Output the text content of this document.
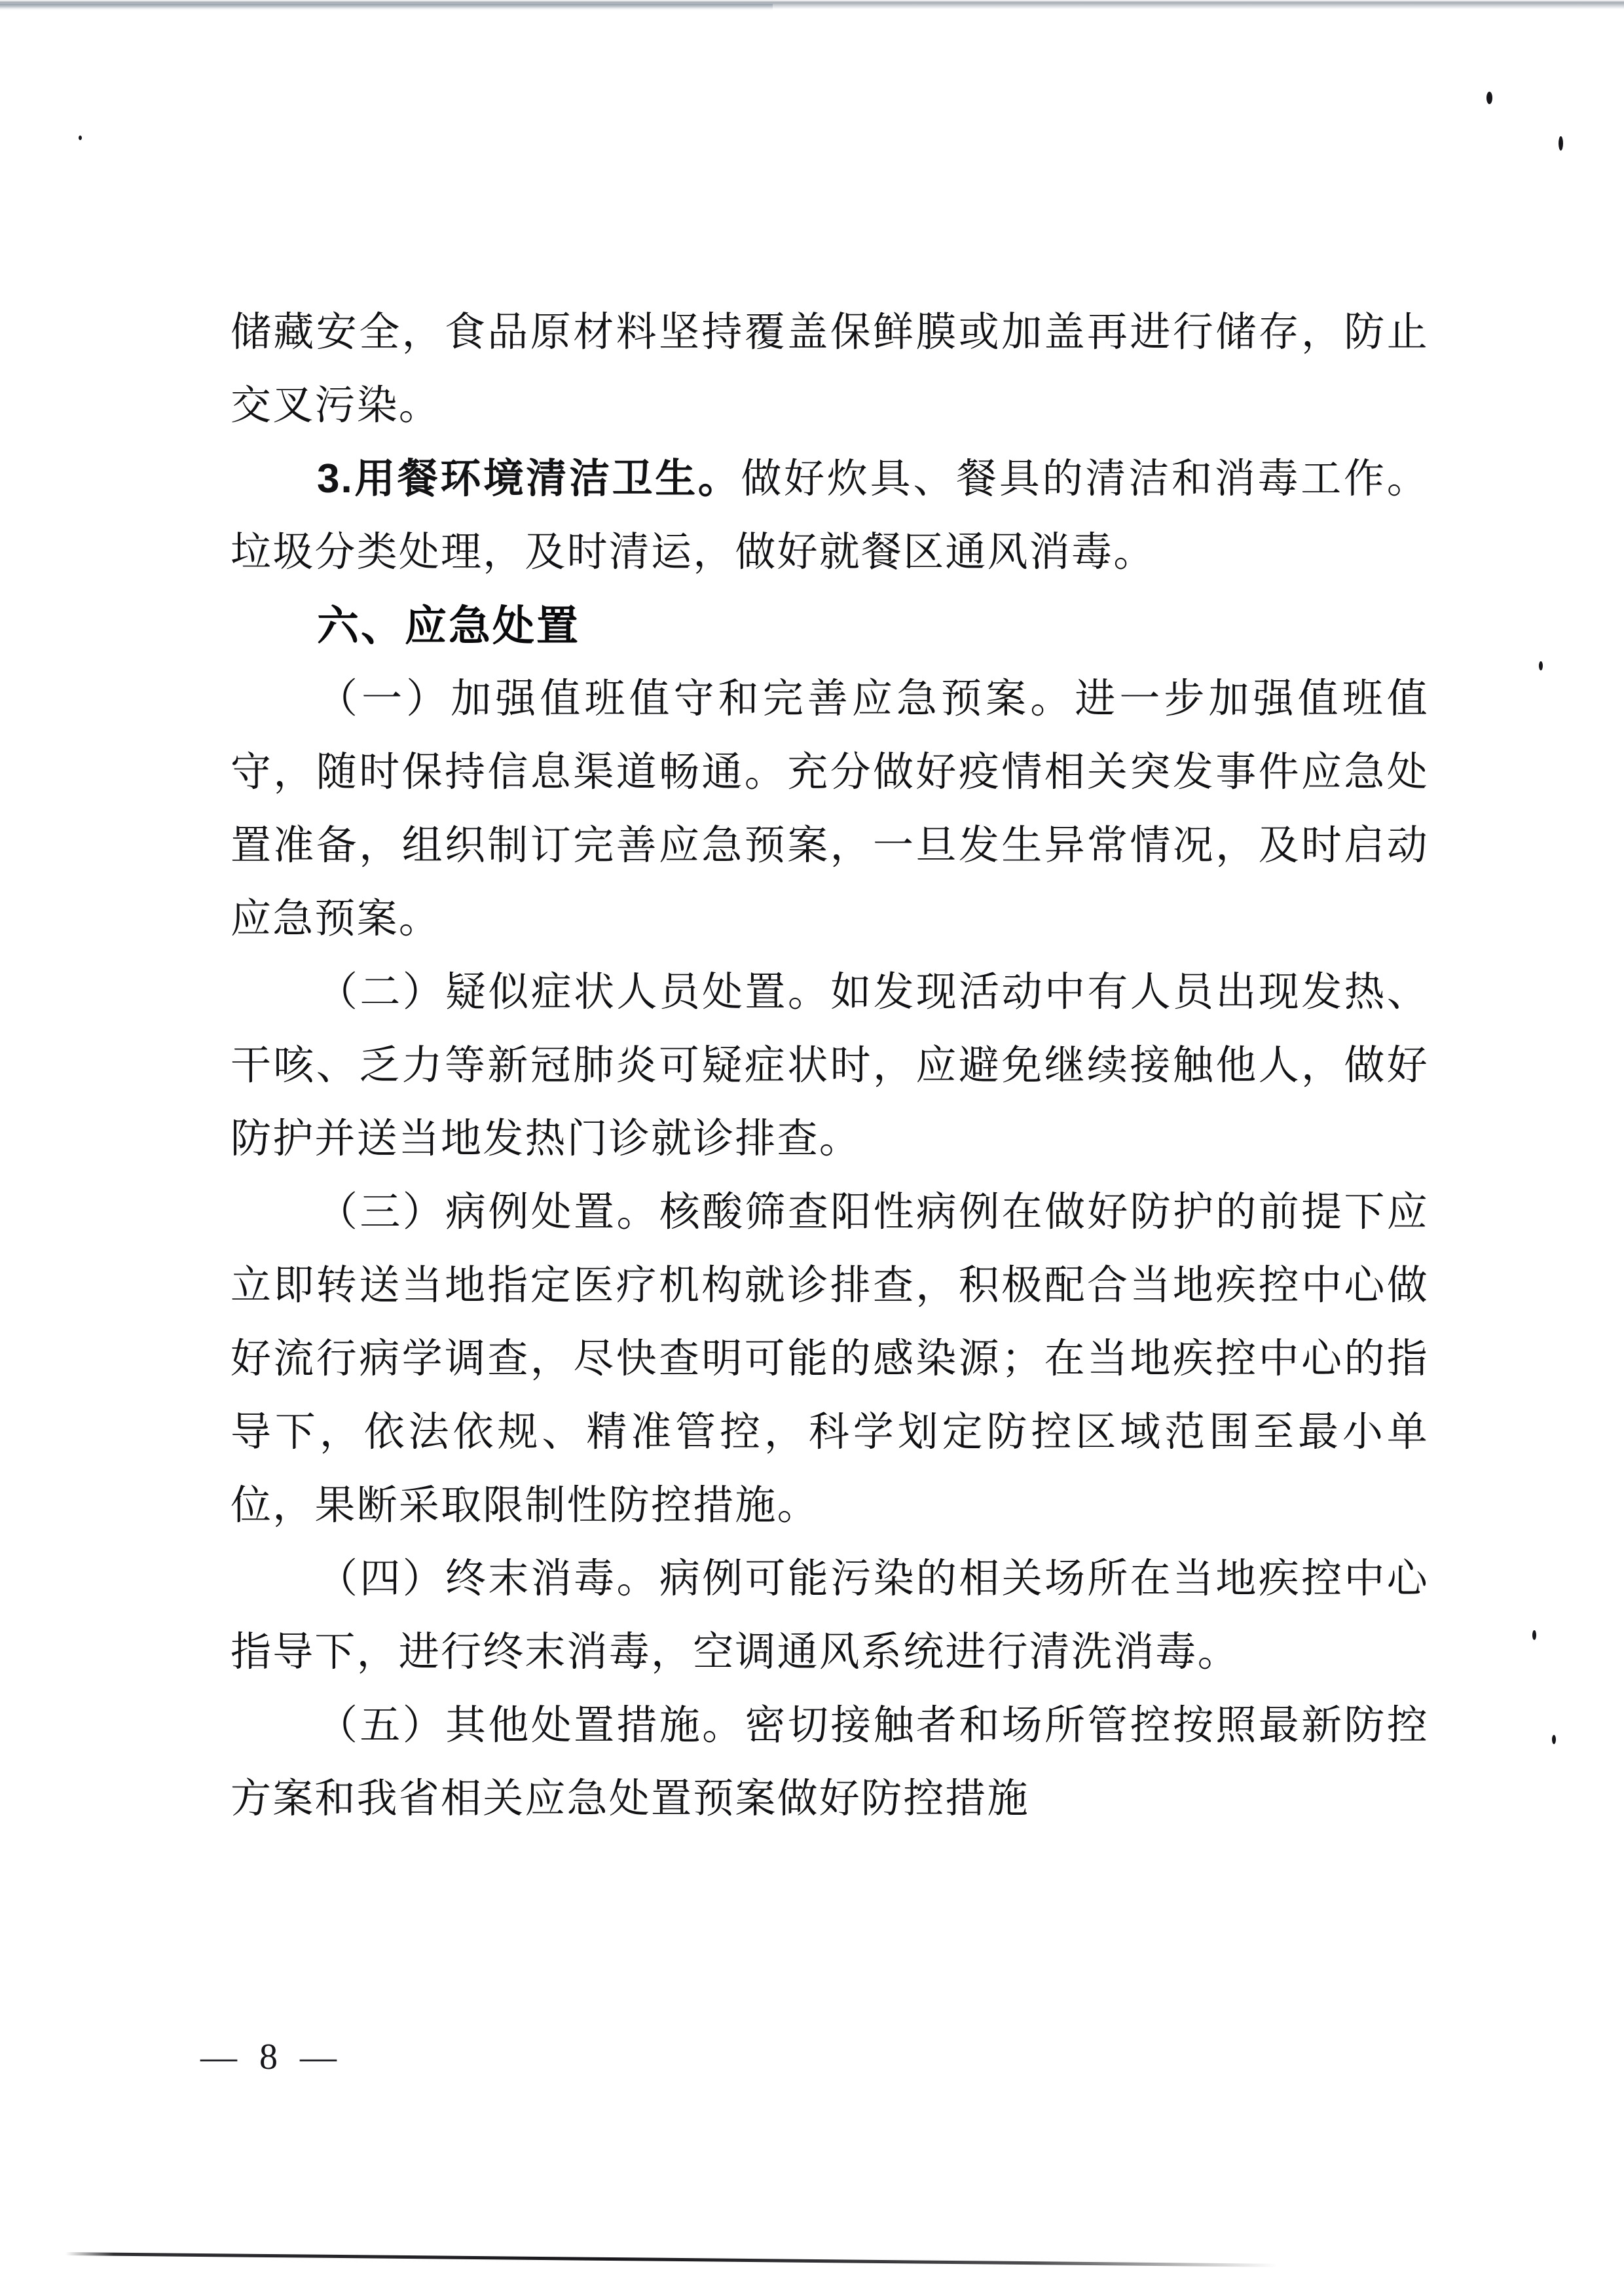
储藏安全，食品原材料坚持覆盖保鲜膜或加盖再进行储存，防止交叉污染。
3.用餐环境清洁卫生。做好炊具、餐具的清洁和消毒工作。垃圾分类处理，及时清运，做好就餐区通风消毒。
六、应急处置
（一）加强值班值守和完善应急预案。进一步加强值班值守，随时保持信息渠道畅通。充分做好疫情相关突发事件应急处置准备，组织制订完善应急预案，一旦发生异常情况，及时启动应急预案。
（二）疑似症状人员处置。如发现活动中有人员出现发热、干咳、乏力等新冠肺炎可疑症状时，应避免继续接触他人，做好防护并送当地发热门诊就诊排查。
（三）病例处置。核酸筛查阳性病例在做好防护的前提下应立即转送当地指定医疗机构就诊排查，积极配合当地疾控中心做好流行病学调查，尽快查明可能的感染源；在当地疾控中心的指导下，依法依规、精准管控，科学划定防控区域范围至最小单位，果断采取限制性防控措施。
（四）终末消毒。病例可能污染的相关场所在当地疾控中心指导下，进行终末消毒，空调通风系统进行清洗消毒。
（五）其他处置措施。密切接触者和场所管控按照最新防控方案和我省相关应急处置预案做好防控措施
— 8 —
